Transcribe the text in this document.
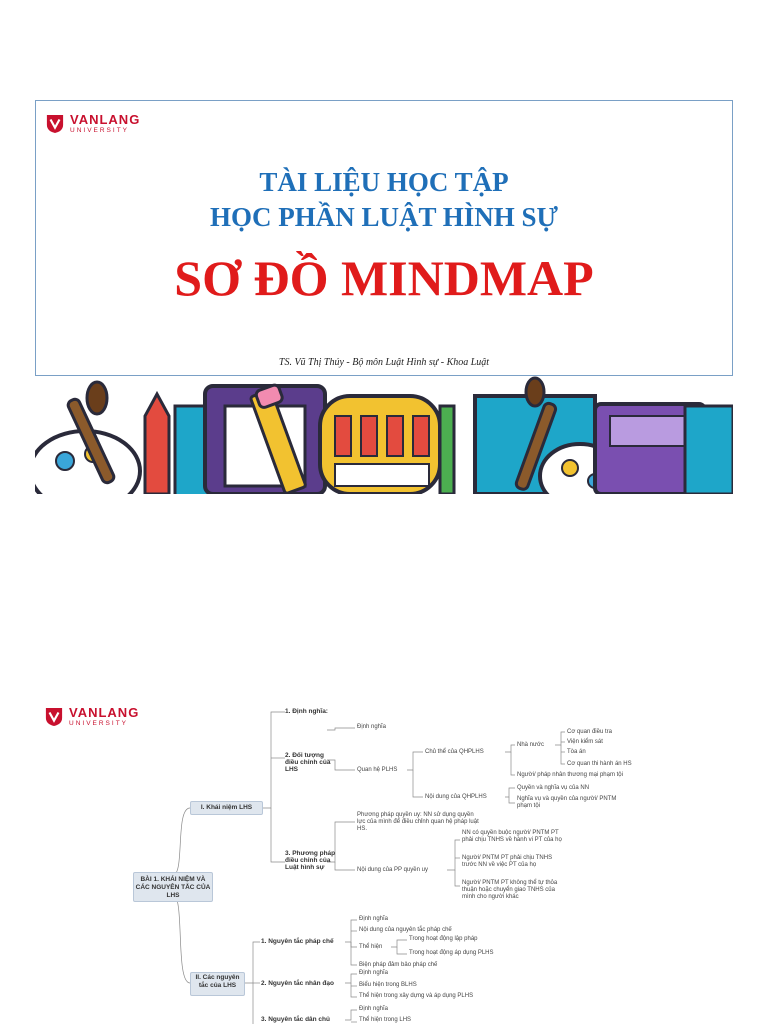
VANLANG
UNIVERSITY
TÀI LIỆU HỌC TẬP
HỌC PHẦN LUẬT HÌNH SỰ
SƠ ĐỒ MINDMAP
TS. Vũ Thị Thúy - Bộ môn Luật Hình sự - Khoa Luật
VANLANG
UNIVERSITY
BÀI 1. KHÁI NIỆM VÀ CÁC NGUYÊN TẮC CỦA LHS
I. Khái niệm LHS
1. Định nghĩa:
2. Đối tượng điều chỉnh của LHS
3. Phương pháp điều chỉnh của Luật hình sự
Định nghĩa
Quan hệ PLHS
Chủ thể của QHPLHS
Nhà nước
Cơ quan điều tra
Viện kiểm sát
Tòa án
Cơ quan thi hành án HS
Người/ pháp nhân thương mại phạm tội
Nội dung của QHPLHS
Quyền và nghĩa vụ của NN
Nghĩa vụ và quyền của người/ PNTM phạm tội
Phương pháp quyền uy: NN sử dụng quyền lực của mình để điều chỉnh quan hệ pháp luật HS.
Nội dung của PP quyền uy
NN có quyền buộc người/ PNTM PT phải chịu TNHS về hành vi PT của họ
Người/ PNTM PT phải chịu TNHS trước NN về việc PT của họ
Người/ PNTM PT không thể tự thỏa thuận hoặc chuyển giao TNHS của mình cho người khác
II. Các nguyên tắc của LHS
1. Nguyên tắc pháp chế
Định nghĩa
Nội dung của nguyên tắc pháp chế
Thể hiện
Trong hoạt động lập pháp
Trong hoạt động áp dụng PLHS
Biện pháp đảm bảo pháp chế
2. Nguyên tắc nhân đạo
Định nghĩa
Biểu hiện trong BLHS
Thể hiện trong xây dựng và áp dụng PLHS
3. Nguyên tắc dân chủ
Định nghĩa
Thể hiện trong LHS
